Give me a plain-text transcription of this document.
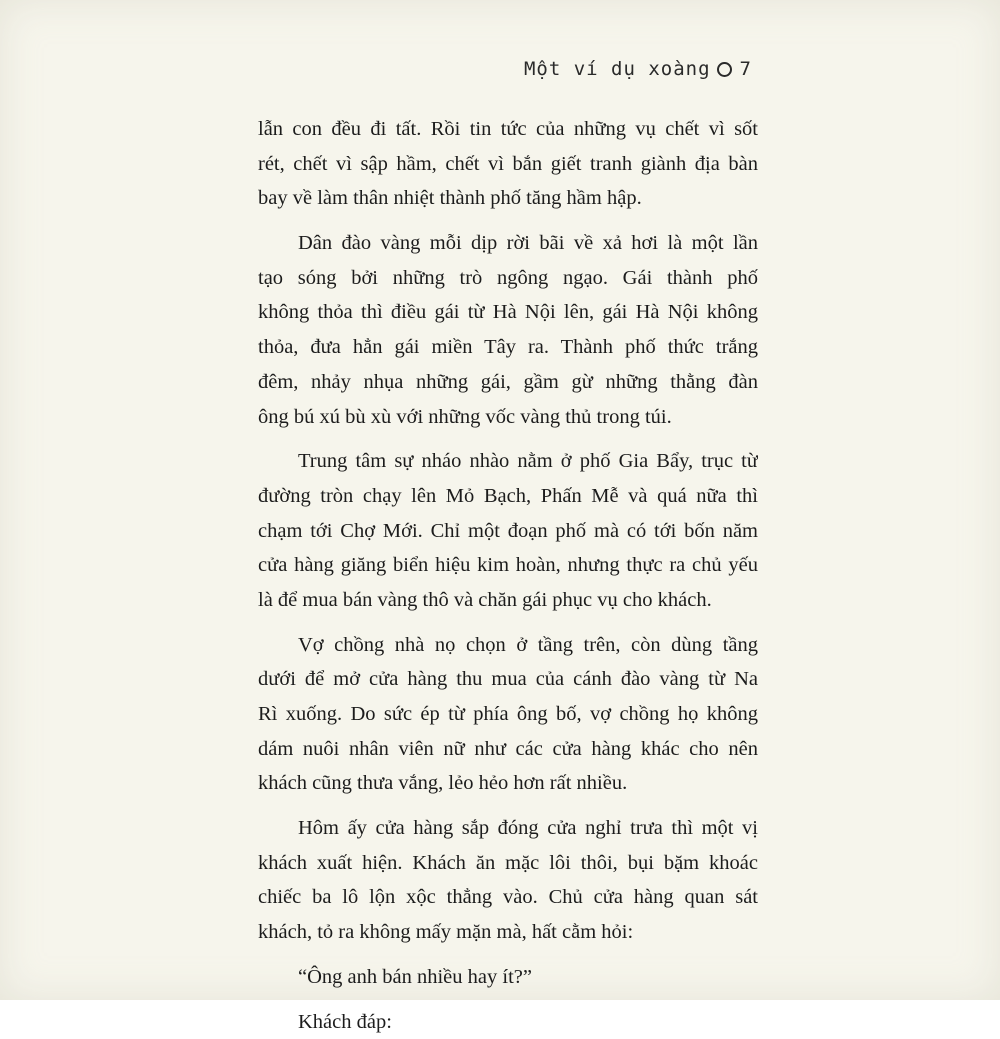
Một ví dụ xoàng 7
lẫn con đều đi tất. Rồi tin tức của những vụ chết vì sốt
rét, chết vì sập hầm, chết vì bắn giết tranh giành địa bàn
bay về làm thân nhiệt thành phố tăng hầm hập.
Dân đào vàng mỗi dịp rời bãi về xả hơi là một lần
tạo sóng bởi những trò ngông ngạo. Gái thành phố
không thỏa thì điều gái từ Hà Nội lên, gái Hà Nội không
thỏa, đưa hẳn gái miền Tây ra. Thành phố thức trắng
đêm, nhảy nhụa những gái, gầm gừ những thằng đàn
ông bú xú bù xù với những vốc vàng thủ trong túi.
Trung tâm sự nháo nhào nằm ở phố Gia Bẩy, trục từ
đường tròn chạy lên Mỏ Bạch, Phấn Mễ và quá nữa thì
chạm tới Chợ Mới. Chỉ một đoạn phố mà có tới bốn năm
cửa hàng giăng biển hiệu kim hoàn, nhưng thực ra chủ yếu
là để mua bán vàng thô và chăn gái phục vụ cho khách.
Vợ chồng nhà nọ chọn ở tầng trên, còn dùng tầng
dưới để mở cửa hàng thu mua của cánh đào vàng từ Na
Rì xuống. Do sức ép từ phía ông bố, vợ chồng họ không
dám nuôi nhân viên nữ như các cửa hàng khác cho nên
khách cũng thưa vắng, lẻo hẻo hơn rất nhiều.
Hôm ấy cửa hàng sắp đóng cửa nghỉ trưa thì một vị
khách xuất hiện. Khách ăn mặc lôi thôi, bụi bặm khoác
chiếc ba lô lộn xộc thẳng vào. Chủ cửa hàng quan sát
khách, tỏ ra không mấy mặn mà, hất cằm hỏi:
“Ông anh bán nhiều hay ít?”
Khách đáp:
